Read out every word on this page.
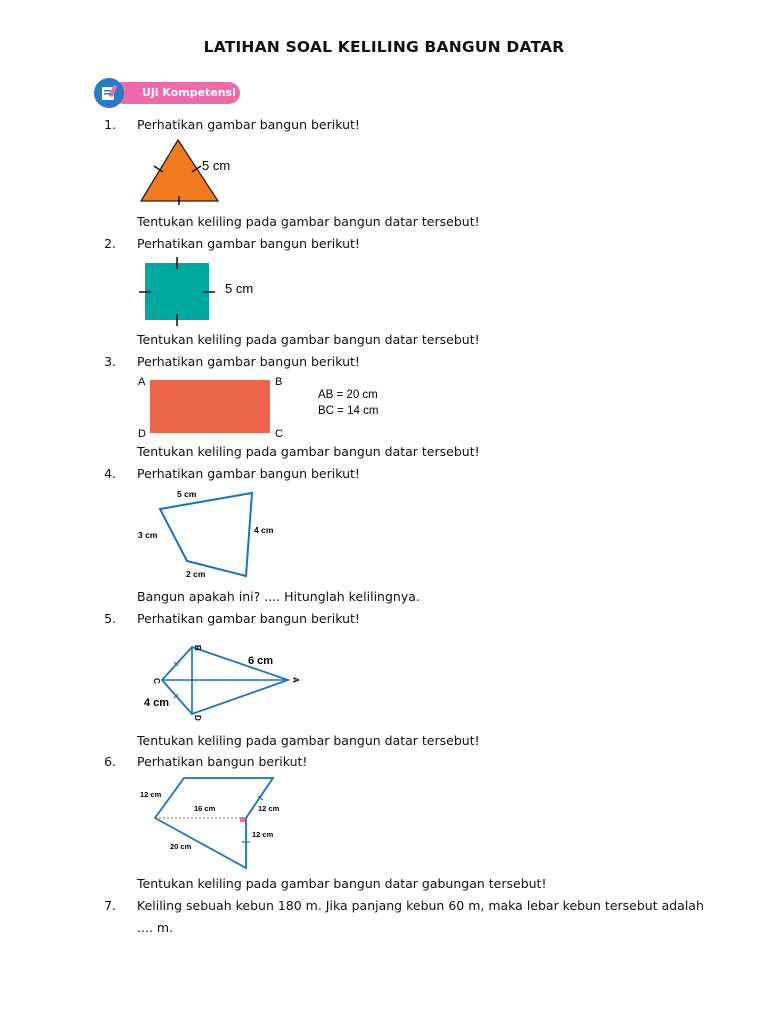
LATIHAN SOAL KELILING BANGUN DATAR
Uji Kompetensi
1. Perhatikan gambar bangun berikut!
5 cm
Tentukan keliling pada gambar bangun datar tersebut!
2. Perhatikan gambar bangun berikut!
5 cm
Tentukan keliling pada gambar bangun datar tersebut!
3. Perhatikan gambar bangun berikut!
A	B
C
D
AB = 20 cm
BC = 14 cm
Tentukan keliling pada gambar bangun datar tersebut!
4. Perhatikan gambar bangun berikut!
5 cm
4 cm
3 cm
2 cm
Bangun apakah ini? .... Hitunglah kelilingnya.
5. Perhatikan gambar bangun berikut!
B
C
D
A
6 cm
4 cm
Tentukan keliling pada gambar bangun datar tersebut!
6. Perhatikan bangun berikut!
12 cm
16 cm	12 cm
12 cm
20 cm
Tentukan keliling pada gambar bangun datar gabungan tersebut!
7. Keliling sebuah kebun 180 m. Jika panjang kebun 60 m, maka lebar kebun tersebut adalah
.... m.
